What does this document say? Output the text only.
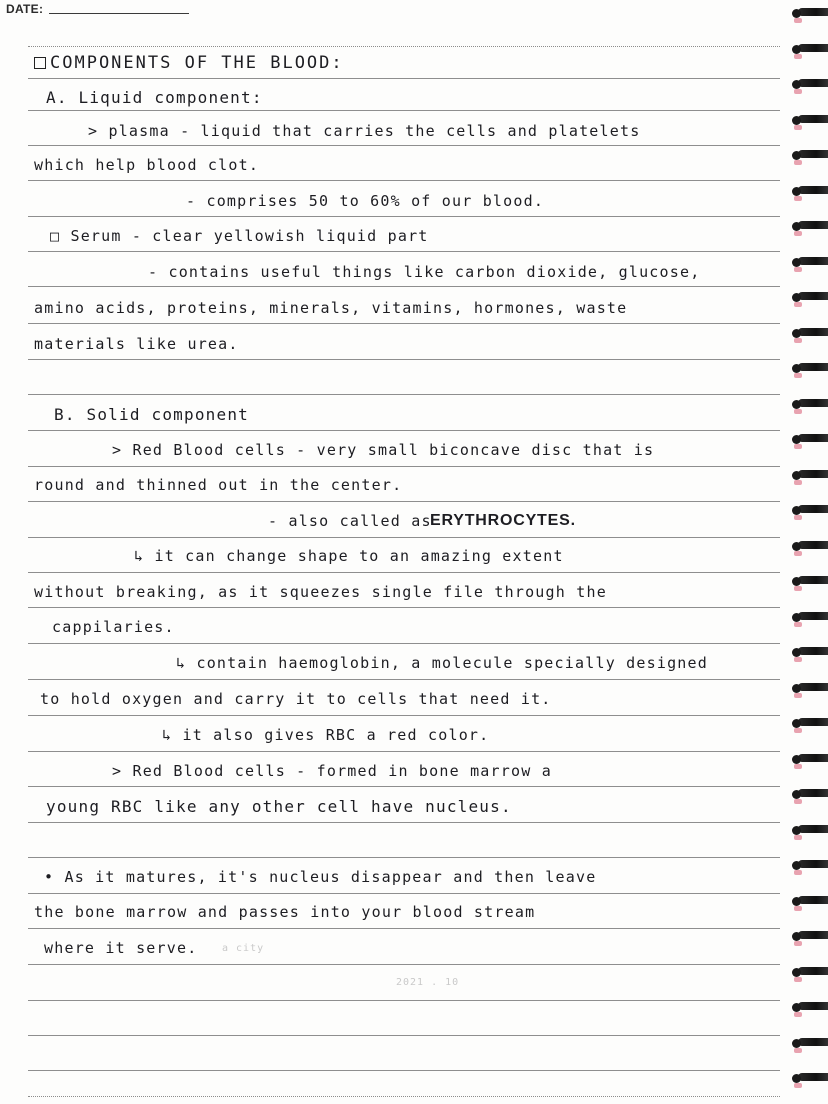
DATE:
COMPONENTS OF THE BLOOD:
A. Liquid component:
> plasma - liquid that carries the cells and platelets
which help blood clot.
- comprises 50 to 60% of our blood.
□ Serum - clear yellowish liquid part
- contains useful things like carbon dioxide, glucose,
amino acids, proteins, minerals, vitamins, hormones, waste
materials like urea.
B. Solid component
> Red Blood cells - very small biconcave disc that is
round and thinned out in the center.
- also called as
ERYTHROCYTES.
↳ it can change shape to an amazing extent
without breaking, as it squeezes single file through the
cappilaries.
↳ contain haemoglobin, a molecule specially designed
to hold oxygen and carry it to cells that need it.
↳ it also gives RBC a red color.
> Red Blood cells - formed in bone marrow a
young RBC like any other cell have nucleus.
• As it matures, it's nucleus disappear and then leave
the bone marrow and passes into your blood stream
where it serve. a city
2021 . 10
